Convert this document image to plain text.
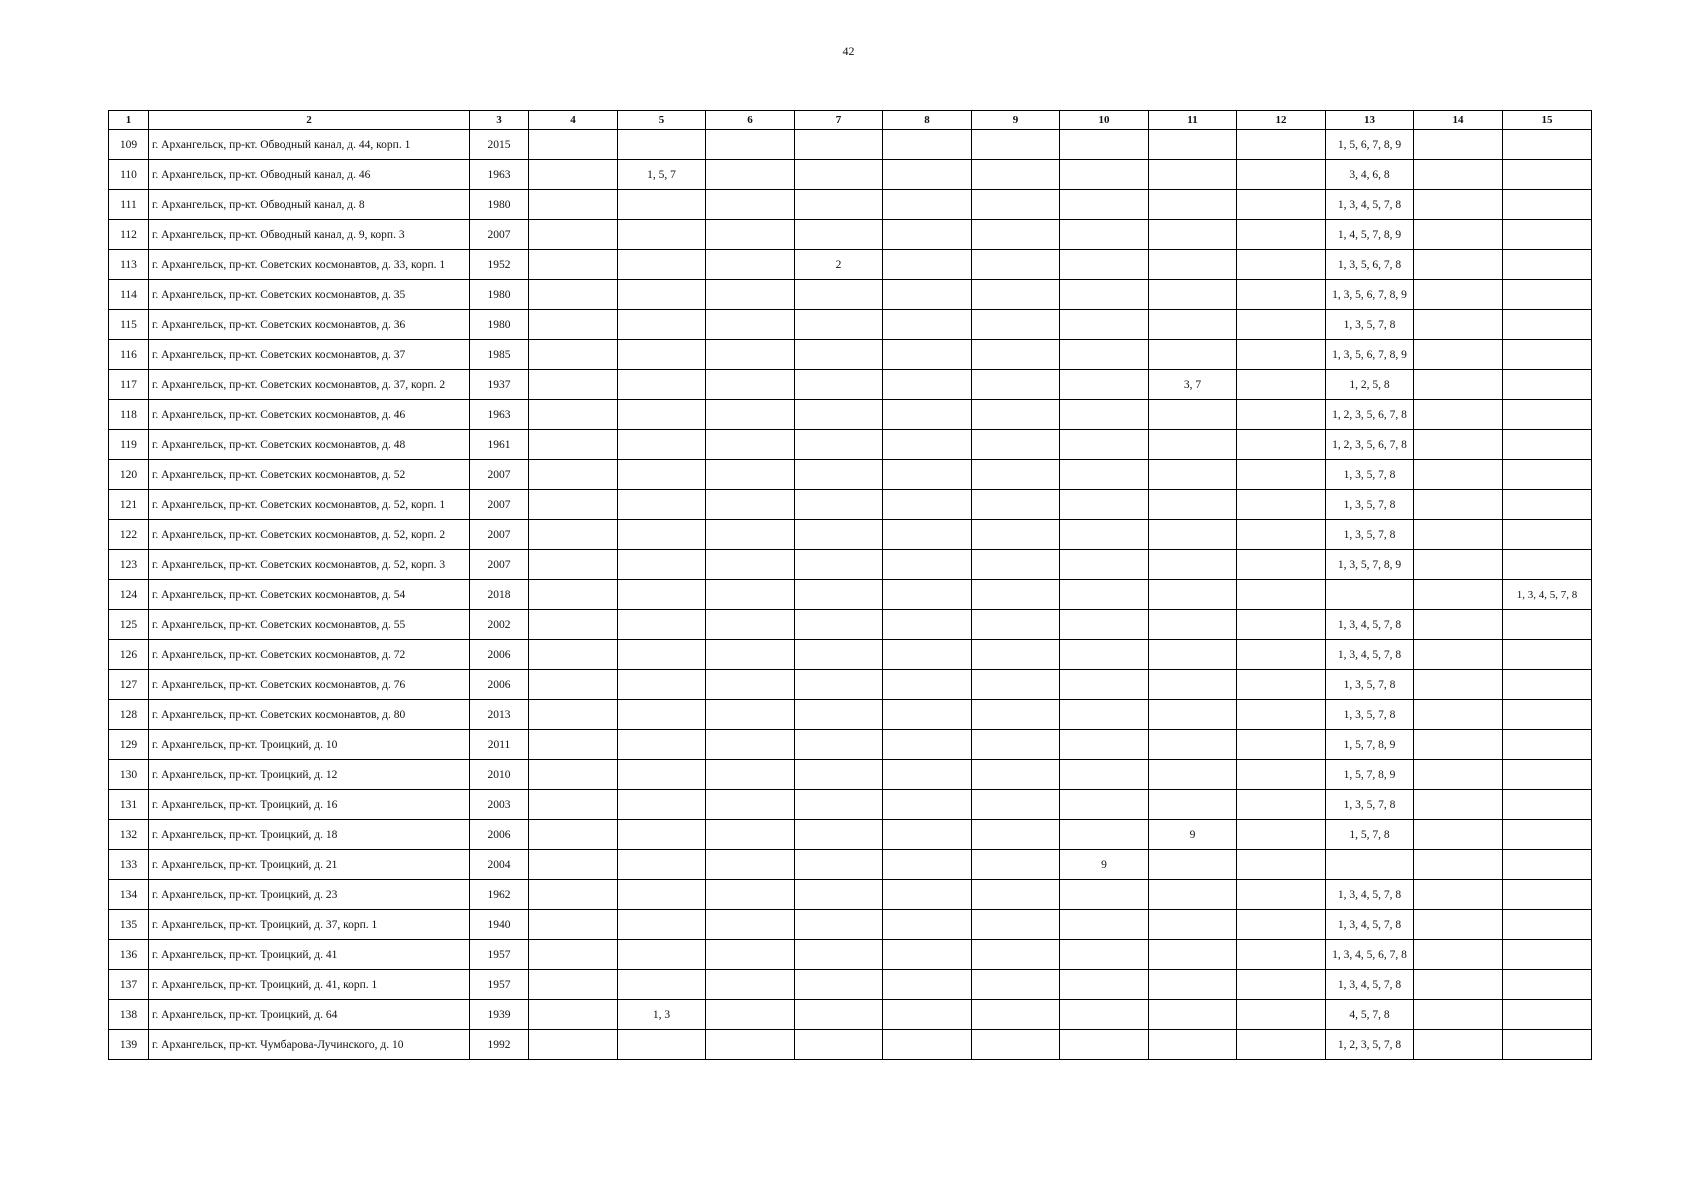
42
1	2	3	4	5	6	7	8	9	10	11	12	13	14	15
109	г. Архангельск, пр-кт. Обводный канал, д. 44, корп. 1	2015										1, 5, 6, 7, 8, 9		
110	г. Архангельск, пр-кт. Обводный канал, д. 46	1963		1, 5, 7								3, 4, 6, 8		
111	г. Архангельск, пр-кт. Обводный канал, д. 8	1980										1, 3, 4, 5, 7, 8		
112	г. Архангельск, пр-кт. Обводный канал, д. 9, корп. 3	2007										1, 4, 5, 7, 8, 9		
113	г. Архангельск, пр-кт. Советских космонавтов, д. 33, корп. 1	1952				2						1, 3, 5, 6, 7, 8		
114	г. Архангельск, пр-кт. Советских космонавтов, д. 35	1980										1, 3, 5, 6, 7, 8, 9		
115	г. Архангельск, пр-кт. Советских космонавтов, д. 36	1980										1, 3, 5, 7, 8		
116	г. Архангельск, пр-кт. Советских космонавтов, д. 37	1985										1, 3, 5, 6, 7, 8, 9		
117	г. Архангельск, пр-кт. Советских космонавтов, д. 37, корп. 2	1937								3, 7		1, 2, 5, 8		
118	г. Архангельск, пр-кт. Советских космонавтов, д. 46	1963										1, 2, 3, 5, 6, 7, 8		
119	г. Архангельск, пр-кт. Советских космонавтов, д. 48	1961										1, 2, 3, 5, 6, 7, 8		
120	г. Архангельск, пр-кт. Советских космонавтов, д. 52	2007										1, 3, 5, 7, 8		
121	г. Архангельск, пр-кт. Советских космонавтов, д. 52, корп. 1	2007										1, 3, 5, 7, 8		
122	г. Архангельск, пр-кт. Советских космонавтов, д. 52, корп. 2	2007										1, 3, 5, 7, 8		
123	г. Архангельск, пр-кт. Советских космонавтов, д. 52, корп. 3	2007										1, 3, 5, 7, 8, 9		
124	г. Архангельск, пр-кт. Советских космонавтов, д. 54	2018												1, 3, 4, 5, 7, 8
125	г. Архангельск, пр-кт. Советских космонавтов, д. 55	2002										1, 3, 4, 5, 7, 8		
126	г. Архангельск, пр-кт. Советских космонавтов, д. 72	2006										1, 3, 4, 5, 7, 8		
127	г. Архангельск, пр-кт. Советских космонавтов, д. 76	2006										1, 3, 5, 7, 8		
128	г. Архангельск, пр-кт. Советских космонавтов, д. 80	2013										1, 3, 5, 7, 8		
129	г. Архангельск, пр-кт. Троицкий, д. 10	2011										1, 5, 7, 8, 9		
130	г. Архангельск, пр-кт. Троицкий, д. 12	2010										1, 5, 7, 8, 9		
131	г. Архангельск, пр-кт. Троицкий, д. 16	2003										1, 3, 5, 7, 8		
132	г. Архангельск, пр-кт. Троицкий, д. 18	2006								9		1, 5, 7, 8		
133	г. Архангельск, пр-кт. Троицкий, д. 21	2004							9					
134	г. Архангельск, пр-кт. Троицкий, д. 23	1962										1, 3, 4, 5, 7, 8		
135	г. Архангельск, пр-кт. Троицкий, д. 37, корп. 1	1940										1, 3, 4, 5, 7, 8		
136	г. Архангельск, пр-кт. Троицкий, д. 41	1957										1, 3, 4, 5, 6, 7, 8		
137	г. Архангельск, пр-кт. Троицкий, д. 41, корп. 1	1957										1, 3, 4, 5, 7, 8		
138	г. Архангельск, пр-кт. Троицкий, д. 64	1939		1, 3								4, 5, 7, 8		
139	г. Архангельск, пр-кт. Чумбарова-Лучинского, д. 10	1992										1, 2, 3, 5, 7, 8		
